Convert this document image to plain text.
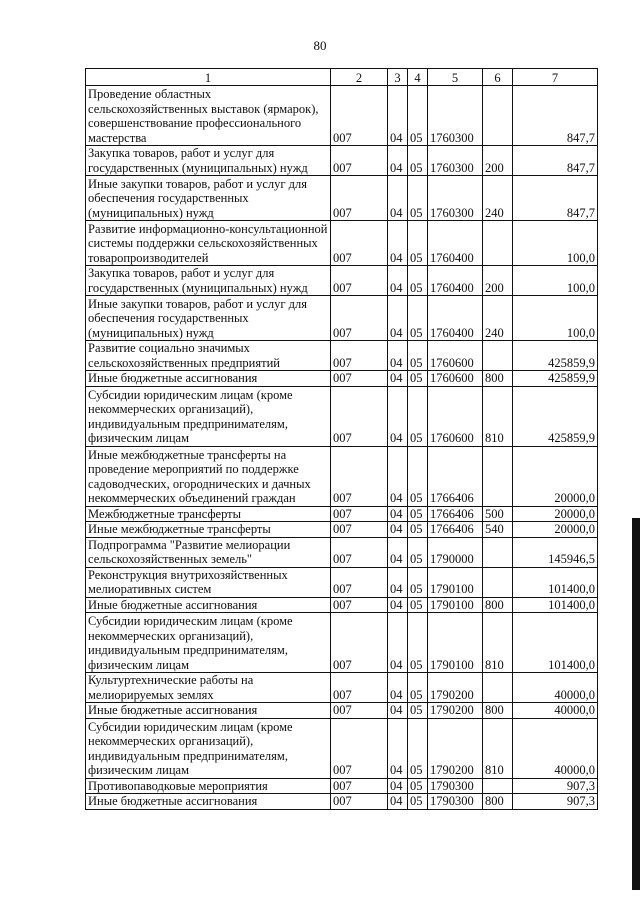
80
1	2	3	4	5	6	7
Проведение областных сельскохозяйственных выставок (ярмарок), совершенствование профессионального мастерства	007	04	05	1760300		847,7
Закупка товаров, работ и услуг для государственных (муниципальных) нужд	007	04	05	1760300	200	847,7
Иные закупки товаров, работ и услуг для обеспечения государственных (муниципальных) нужд	007	04	05	1760300	240	847,7
Развитие информационно-консультационной системы поддержки сельскохозяйственных товаропроизводителей	007	04	05	1760400		100,0
Закупка товаров, работ и услуг для государственных (муниципальных) нужд	007	04	05	1760400	200	100,0
Иные закупки товаров, работ и услуг для обеспечения государственных (муниципальных) нужд	007	04	05	1760400	240	100,0
Развитие социально значимых сельскохозяйственных предприятий	007	04	05	1760600		425859,9
Иные бюджетные ассигнования	007	04	05	1760600	800	425859,9
Субсидии юридическим лицам (кроме некоммерческих организаций), индивидуальным предпринимателям, физическим лицам	007	04	05	1760600	810	425859,9
Иные межбюджетные трансферты на проведение мероприятий по поддержке садоводческих, огороднических и дачных некоммерческих объединений граждан	007	04	05	1766406		20000,0
Межбюджетные трансферты	007	04	05	1766406	500	20000,0
Иные межбюджетные трансферты	007	04	05	1766406	540	20000,0
Подпрограмма "Развитие мелиорации сельскохозяйственных земель"	007	04	05	1790000		145946,5
Реконструкция внутрихозяйственных мелиоративных систем	007	04	05	1790100		101400,0
Иные бюджетные ассигнования	007	04	05	1790100	800	101400,0
Субсидии юридическим лицам (кроме некоммерческих организаций), индивидуальным предпринимателям, физическим лицам	007	04	05	1790100	810	101400,0
Культуртехнические работы на мелиорируемых землях	007	04	05	1790200		40000,0
Иные бюджетные ассигнования	007	04	05	1790200	800	40000,0
Субсидии юридическим лицам (кроме некоммерческих организаций), индивидуальным предпринимателям, физическим лицам	007	04	05	1790200	810	40000,0
Противопаводковые мероприятия	007	04	05	1790300		907,3
Иные бюджетные ассигнования	007	04	05	1790300	800	907,3
